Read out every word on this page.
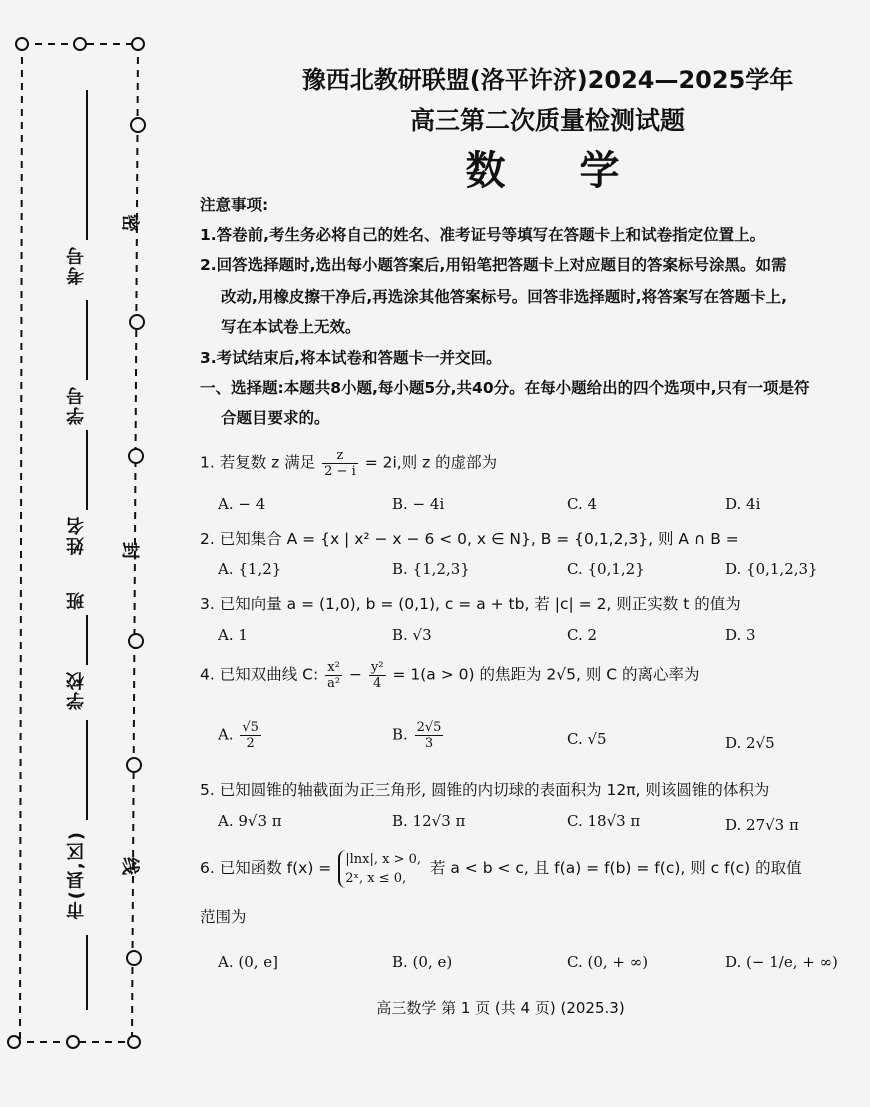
考号
学号
姓名
班
学校
市(县,区)
密
封
线
豫西北教研联盟(洛平许济)2024—2025学年
高三第二次质量检测试题
数 学
注意事项:
1.答卷前,考生务必将自己的姓名、准考证号等填写在答题卡上和试卷指定位置上。
2.回答选择题时,选出每小题答案后,用铅笔把答题卡上对应题目的答案标号涂黑。如需
改动,用橡皮擦干净后,再选涂其他答案标号。回答非选择题时,将答案写在答题卡上,
写在本试卷上无效。
3.考试结束后,将本试卷和答题卡一并交回。
一、选择题:本题共8小题,每小题5分,共40分。在每小题给出的四个选项中,只有一项是符
合题目要求的。
1. 若复数 z 满足 $\frac{z}{2 - i} = 2i$,则 z 的虚部为
A. − 4	B. − 4i	C. 4	D. 4i
2. 已知集合 A = {x | x² − x − 6 < 0, x ∈ N}, B = {0,1,2,3}, 则 A ∩ B =
A. {1,2}	B. {1,2,3}	C. {0,1,2}	D. {0,1,2,3}
3. 已知向量 a = (1,0), b = (0,1), c = a + tb, 若 |c| = 2, 则正实数 t 的值为
A. 1	B. √3	C. 2	D. 3
4. 已知双曲线 C: $\frac{\text{x²}}{\text{a²}} - \frac{\text{y²}}{4} = 1(a > 0)$ 的焦距为 2√5, 则 C 的离心率为
A. $\frac{√5}{2}$	B. $\frac{2√5}{3}$	C. √5	D. 2√5
5. 已知圆锥的轴截面为正三角形, 圆锥的内切球的表面积为 12π, 则该圆锥的体积为
A. 9√3 π	B. 12√3 π	C. 18√3 π	D. 27√3 π
6. 已知函数 f(x) = |lnx|, x > 0,
2ˣ, x ≤ 0,
若 a < b < c, 且 f(a) = f(b) = f(c), 则 c f(c) 的取值
范围为
A. (0, e]	B. (0, e)	C. (0, + ∞)	D. (− 1/e, + ∞)
高三数学 第 1 页 (共 4 页) (2025.3)
